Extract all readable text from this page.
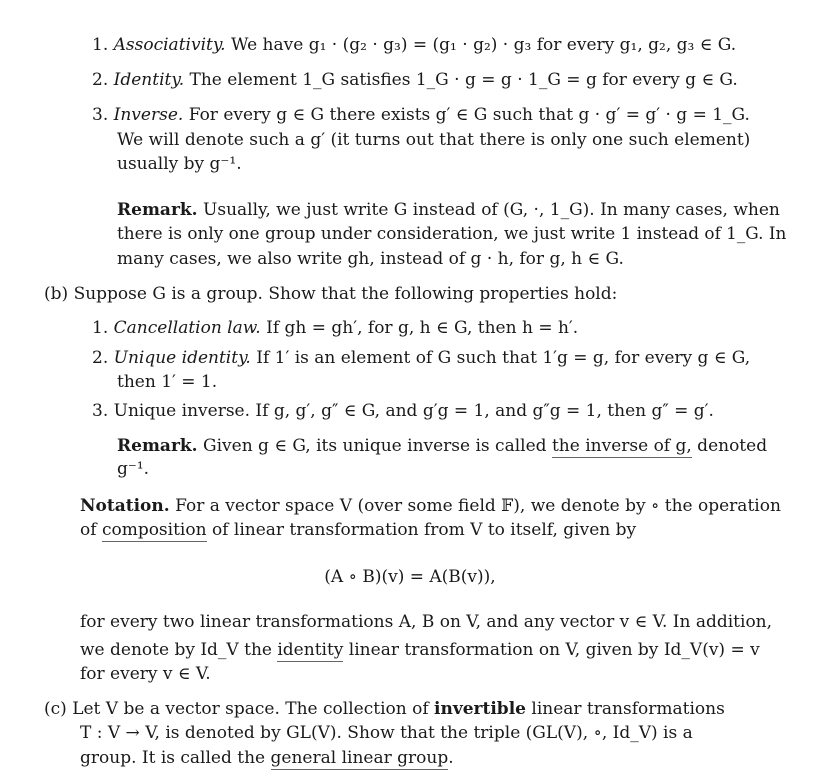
1. Associativity. We have g₁ · (g₂ · g₃) = (g₁ · g₂) · g₃ for every g₁, g₂, g₃ ∈ G.
2. Identity. The element 1_G satisfies 1_G · g = g · 1_G = g for every g ∈ G.
3. Inverse. For every g ∈ G there exists g′ ∈ G such that g · g′ = g′ · g = 1_G.
We will denote such a g′ (it turns out that there is only one such element)
usually by g⁻¹.
Remark. Usually, we just write G instead of (G, ·, 1_G). In many cases, when
there is only one group under consideration, we just write 1 instead of 1_G. In
many cases, we also write gh, instead of g · h, for g, h ∈ G.
(b) Suppose G is a group. Show that the following properties hold:
1. Cancellation law. If gh = gh′, for g, h ∈ G, then h = h′.
2. Unique identity. If 1′ is an element of G such that 1′g = g, for every g ∈ G,
then 1′ = 1.
3. Unique inverse. If g, g′, g″ ∈ G, and g′g = 1, and g″g = 1, then g″ = g′.
Remark. Given g ∈ G, its unique inverse is called the inverse of g, denoted
g⁻¹.
Notation. For a vector space V (over some field 𝔽), we denote by ∘ the operation
of composition of linear transformation from V to itself, given by
(A ∘ B)(v) = A(B(v)),
for every two linear transformations A, B on V, and any vector v ∈ V. In addition,
we denote by Id_V the identity linear transformation on V, given by Id_V(v) = v
for every v ∈ V.
(c) Let V be a vector space. The collection of invertible linear transformations
T : V → V, is denoted by GL(V). Show that the triple (GL(V), ∘, Id_V) is a
group. It is called the general linear group.
